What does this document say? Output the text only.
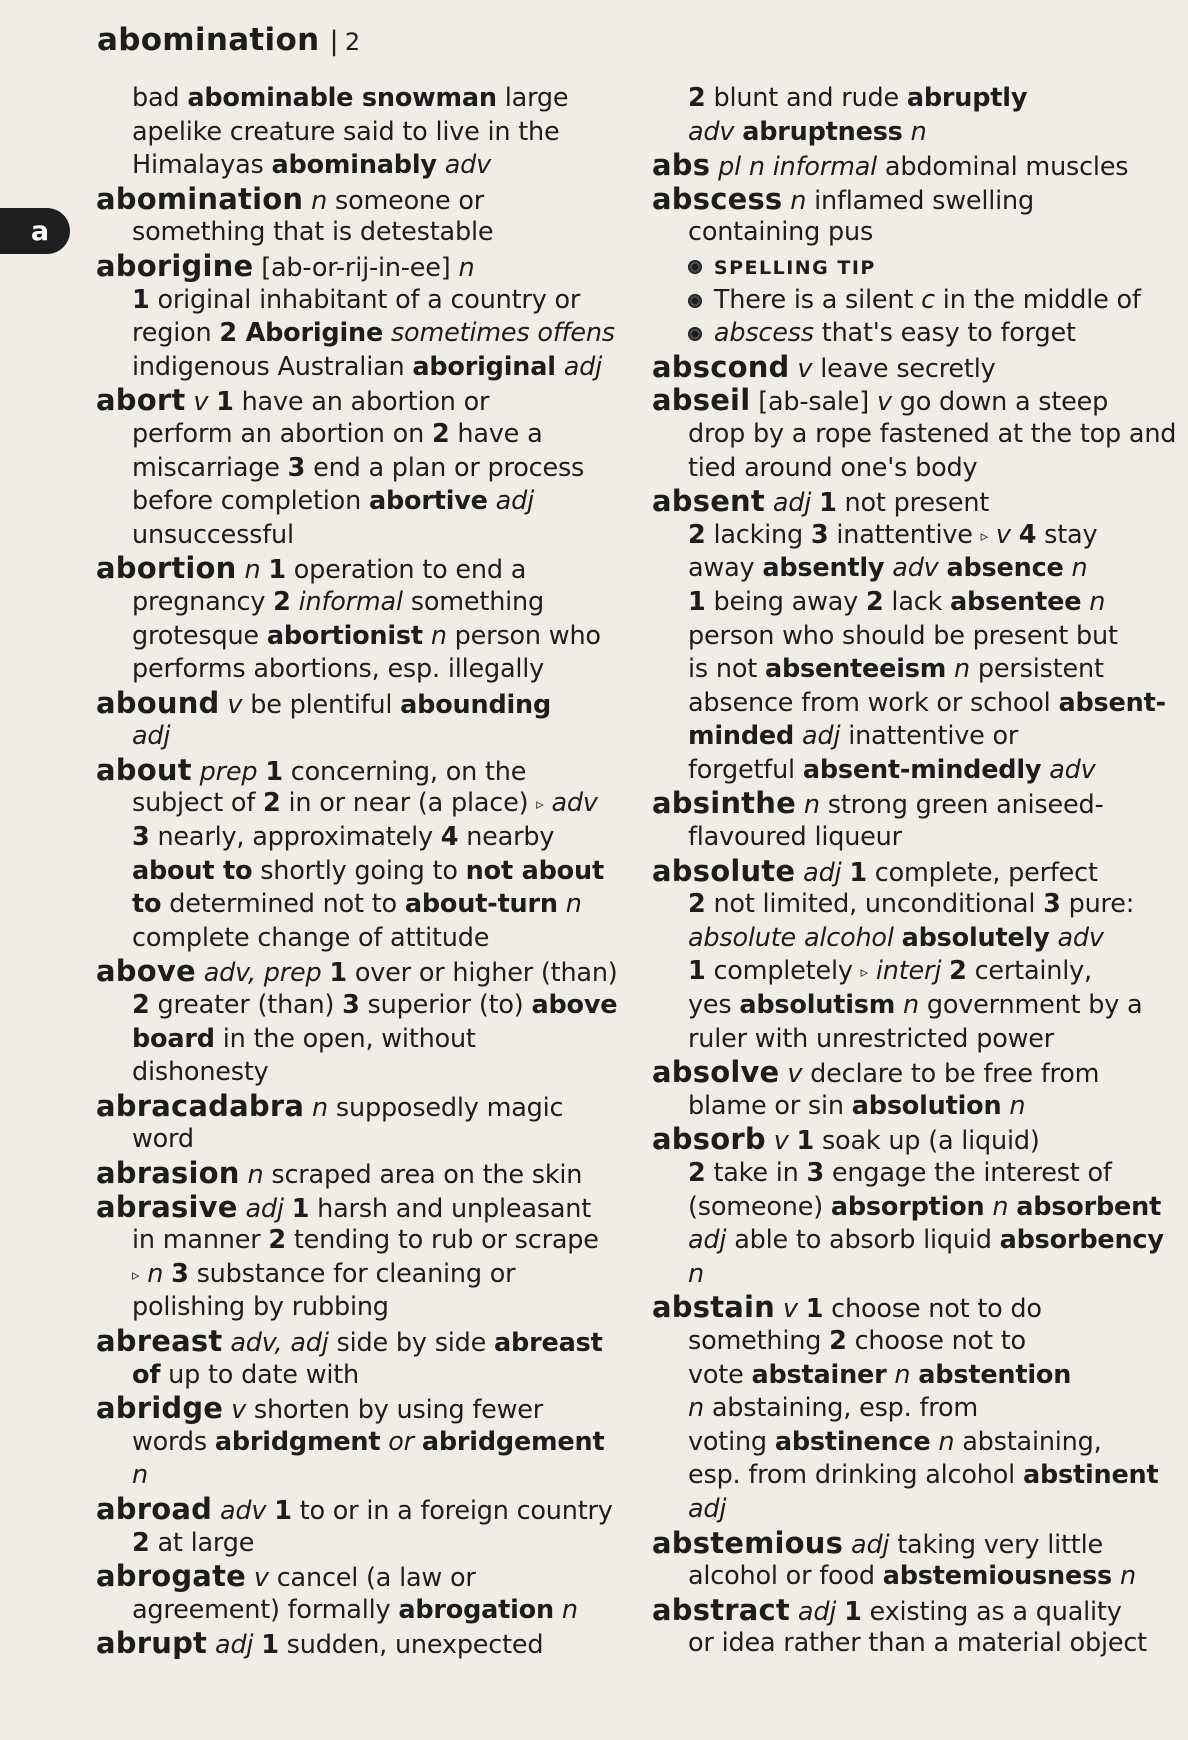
abomination | 2
a
bad abominable snowman large
apelike creature said to live in the
Himalayas abominably adv
abomination n someone or
something that is detestable
aborigine [ab-or-rij-in-ee] n
1 original inhabitant of a country or
region 2 Aborigine sometimes offens
indigenous Australian aboriginal adj
abort v 1 have an abortion or
perform an abortion on 2 have a
miscarriage 3 end a plan or process
before completion abortive adj
unsuccessful
abortion n 1 operation to end a
pregnancy 2 informal something
grotesque abortionist n person who
performs abortions, esp. illegally
abound v be plentiful abounding
adj
about prep 1 concerning, on the
subject of 2 in or near (a place) ▹ adv
3 nearly, approximately 4 nearby
about to shortly going to not about
to determined not to about-turn n
complete change of attitude
above adv, prep 1 over or higher (than)
2 greater (than) 3 superior (to) above
board in the open, without
dishonesty
abracadabra n supposedly magic
word
abrasion n scraped area on the skin
abrasive adj 1 harsh and unpleasant
in manner 2 tending to rub or scrape
▹ n 3 substance for cleaning or
polishing by rubbing
abreast adv, adj side by side abreast
of up to date with
abridge v shorten by using fewer
words abridgment or abridgement
n
abroad adv 1 to or in a foreign country
2 at large
abrogate v cancel (a law or
agreement) formally abrogation n
abrupt adj 1 sudden, unexpected
2 blunt and rude abruptly
adv abruptness n
abs pl n informal abdominal muscles
abscess n inflamed swelling
containing pus
SPELLING TIP
There is a silent c in the middle of
abscess that's easy to forget
abscond v leave secretly
abseil [ab-sale] v go down a steep
drop by a rope fastened at the top and
tied around one's body
absent adj 1 not present
2 lacking 3 inattentive ▹ v 4 stay
away absently adv absence n
1 being away 2 lack absentee n
person who should be present but
is not absenteeism n persistent
absence from work or school absent-
minded adj inattentive or
forgetful absent-mindedly adv
absinthe n strong green aniseed-
flavoured liqueur
absolute adj 1 complete, perfect
2 not limited, unconditional 3 pure:
absolute alcohol absolutely adv
1 completely ▹ interj 2 certainly,
yes absolutism n government by a
ruler with unrestricted power
absolve v declare to be free from
blame or sin absolution n
absorb v 1 soak up (a liquid)
2 take in 3 engage the interest of
(someone) absorption n absorbent
adj able to absorb liquid absorbency
n
abstain v 1 choose not to do
something 2 choose not to
vote abstainer n abstention
n abstaining, esp. from
voting abstinence n abstaining,
esp. from drinking alcohol abstinent
adj
abstemious adj taking very little
alcohol or food abstemiousness n
abstract adj 1 existing as a quality
or idea rather than a material object
